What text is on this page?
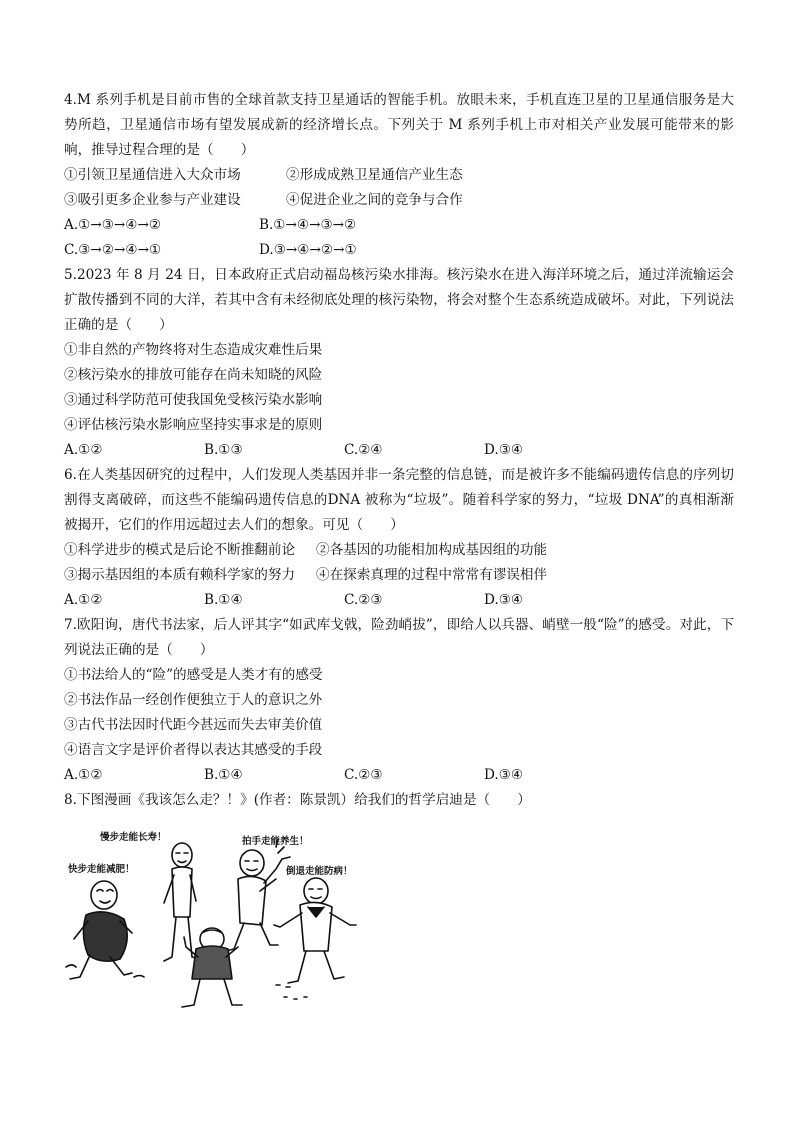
4.M 系列手机是目前市售的全球首款支持卫星通话的智能手机。放眼未来，手机直连卫星的卫星通信服务是大势所趋，卫星通信市场有望发展成新的经济增长点。下列关于 M 系列手机上市对相关产业发展可能带来的影响，推导过程合理的是（　　）

①引领卫星通信进入大众市场	②形成成熟卫星通信产业生态
③吸引更多企业参与产业建设	④促进企业之间的竞争与合作
A.①→③→④→②	B.①→④→③→②
C.③→②→④→①	D.③→④→②→①

5.2023 年 8 月 24 日，日本政府正式启动福岛核污染水排海。核污染水在进入海洋环境之后，通过洋流输运会扩散传播到不同的大洋，若其中含有未经彻底处理的核污染物，将会对整个生态系统造成破坏。对此，下列说法正确的是（　　）

①非自然的产物终将对生态造成灾难性后果
②核污染水的排放可能存在尚未知晓的风险
③通过科学防范可使我国免受核污染水影响
④评估核污染水影响应坚持实事求是的原则
A.①②	B.①③	C.②④	D.③④

6.在人类基因研究的过程中，人们发现人类基因并非一条完整的信息链，而是被许多不能编码遗传信息的序列切割得支离破碎，而这些不能编码遗传信息的DNA 被称为“垃圾”。随着科学家的努力，“垃圾 DNA”的真相渐渐被揭开，它们的作用远超过去人们的想象。可见（　　）

①科学进步的模式是后论不断推翻前论	②各基因的功能相加构成基因组的功能
③揭示基因组的本质有赖科学家的努力	④在探索真理的过程中常常有谬误相伴
A.①②	B.①④	C.②③	D.③④

7.欧阳询，唐代书法家，后人评其字“如武库戈戟，险劲峭拔”，即给人以兵器、峭壁一般“险”的感受。对此，下列说法正确的是（　　）

①书法给人的“险”的感受是人类才有的感受
②书法作品一经创作便独立于人的意识之外
③古代书法因时代距今甚远而失去审美价值
④语言文字是评价者得以表达其感受的手段
A.①②	B.①④	C.②③	D.③④
8.下图漫画《我该怎么走？！》(作者：陈景凯）给我们的哲学启迪是（　　）
慢步走能长寿！
快步走能减肥！
拍手走能养生！
倒退走能防病！
